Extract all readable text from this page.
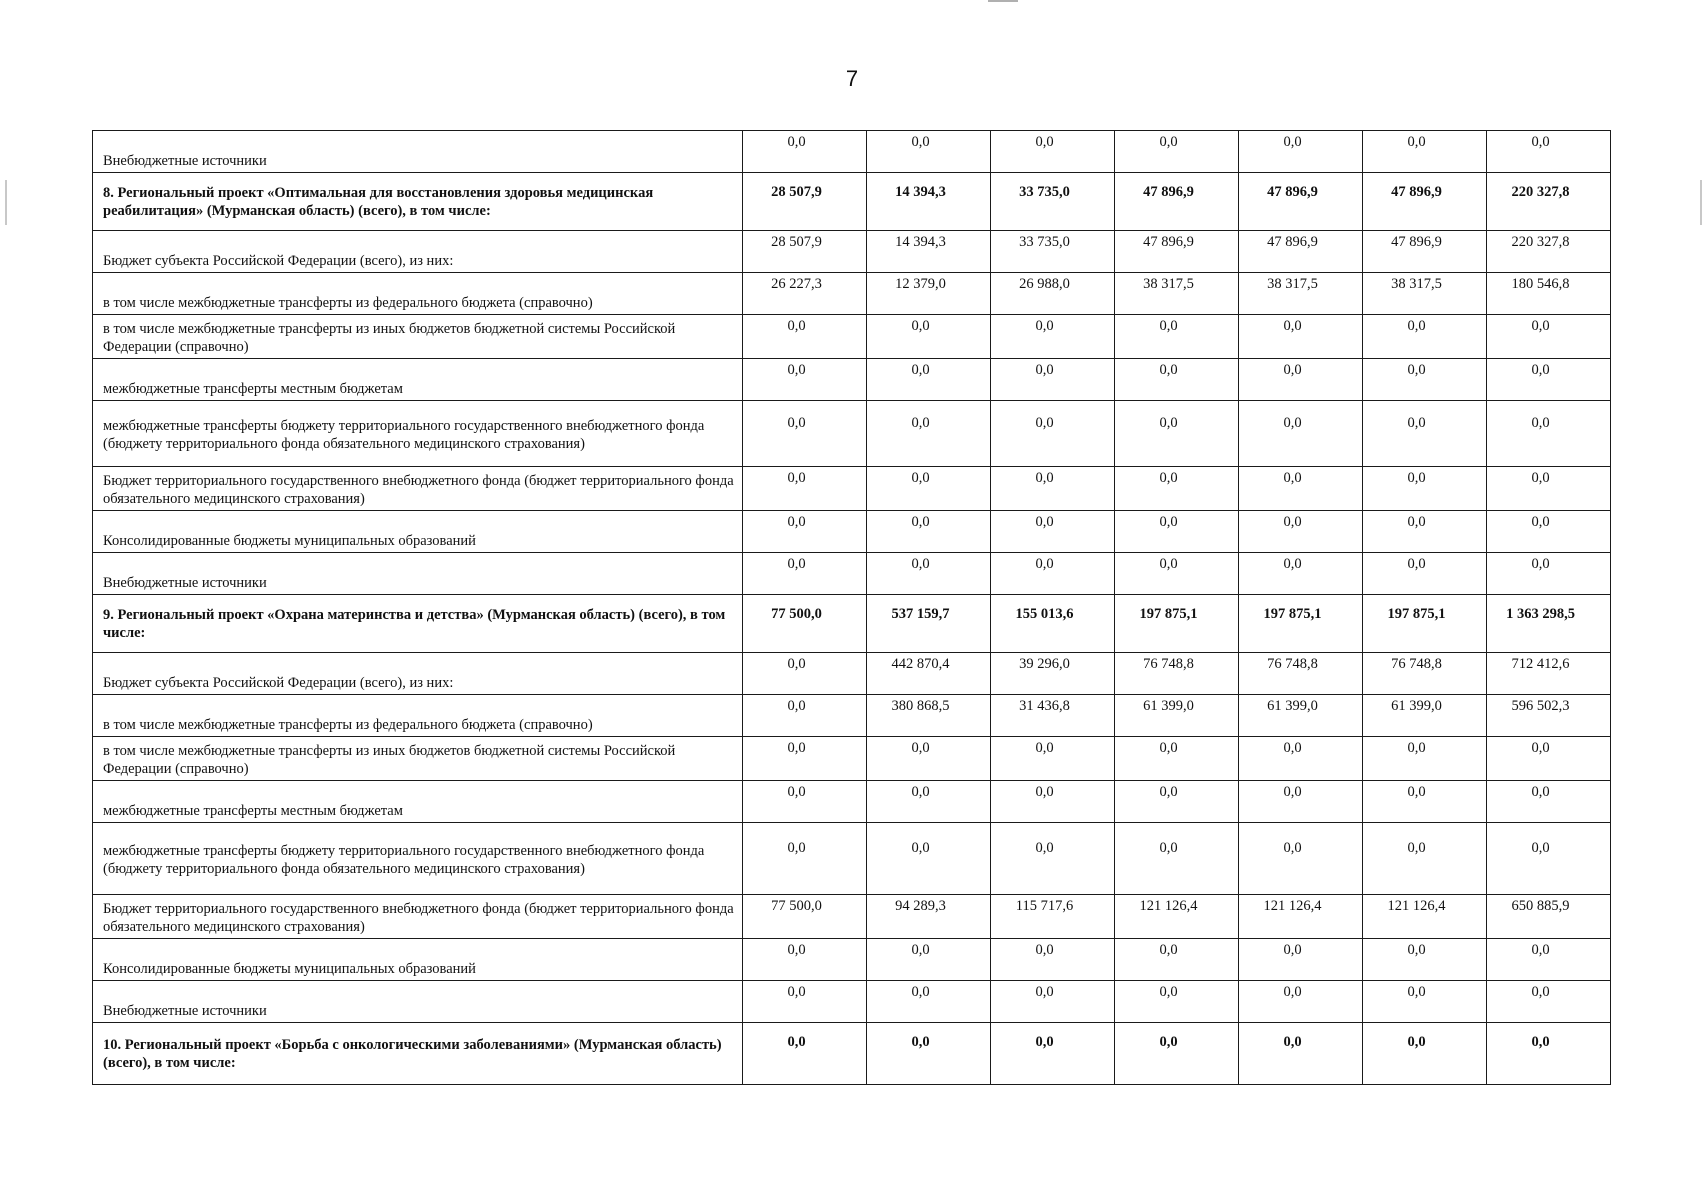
7
Внебюджетные источники	0,0	0,0	0,0	0,0	0,0	0,0	0,0
8. Региональный проект «Оптимальная для восстановления здоровья медицинская реабилитация» (Мурманская область) (всего), в том числе:	28 507,9	14 394,3	33 735,0	47 896,9	47 896,9	47 896,9	220 327,8
Бюджет субъекта Российской Федерации (всего), из них:	28 507,9	14 394,3	33 735,0	47 896,9	47 896,9	47 896,9	220 327,8
в том числе межбюджетные трансферты из федерального бюджета (справочно)	26 227,3	12 379,0	26 988,0	38 317,5	38 317,5	38 317,5	180 546,8
в том числе межбюджетные трансферты из иных бюджетов бюджетной системы Российской Федерации (справочно)	0,0	0,0	0,0	0,0	0,0	0,0	0,0
межбюджетные трансферты местным бюджетам	0,0	0,0	0,0	0,0	0,0	0,0	0,0
межбюджетные трансферты бюджету территориального государственного внебюджетного фонда (бюджету территориального фонда обязательного медицинского страхования)	0,0	0,0	0,0	0,0	0,0	0,0	0,0
Бюджет территориального государственного внебюджетного фонда (бюджет территориального фонда обязательного медицинского страхования)	0,0	0,0	0,0	0,0	0,0	0,0	0,0
Консолидированные бюджеты муниципальных образований	0,0	0,0	0,0	0,0	0,0	0,0	0,0
Внебюджетные источники	0,0	0,0	0,0	0,0	0,0	0,0	0,0
9. Региональный проект «Охрана материнства и детства» (Мурманская область) (всего), в том числе:	77 500,0	537 159,7	155 013,6	197 875,1	197 875,1	197 875,1	1 363 298,5
Бюджет субъекта Российской Федерации (всего), из них:	0,0	442 870,4	39 296,0	76 748,8	76 748,8	76 748,8	712 412,6
в том числе межбюджетные трансферты из федерального бюджета (справочно)	0,0	380 868,5	31 436,8	61 399,0	61 399,0	61 399,0	596 502,3
в том числе межбюджетные трансферты из иных бюджетов бюджетной системы Российской Федерации (справочно)	0,0	0,0	0,0	0,0	0,0	0,0	0,0
межбюджетные трансферты местным бюджетам	0,0	0,0	0,0	0,0	0,0	0,0	0,0
межбюджетные трансферты бюджету территориального государственного внебюджетного фонда (бюджету территориального фонда обязательного медицинского страхования)	0,0	0,0	0,0	0,0	0,0	0,0	0,0
Бюджет территориального государственного внебюджетного фонда (бюджет территориального фонда обязательного медицинского страхования)	77 500,0	94 289,3	115 717,6	121 126,4	121 126,4	121 126,4	650 885,9
Консолидированные бюджеты муниципальных образований	0,0	0,0	0,0	0,0	0,0	0,0	0,0
Внебюджетные источники	0,0	0,0	0,0	0,0	0,0	0,0	0,0
10. Региональный проект «Борьба с онкологическими заболеваниями» (Мурманская область) (всего), в том числе:	0,0	0,0	0,0	0,0	0,0	0,0	0,0
